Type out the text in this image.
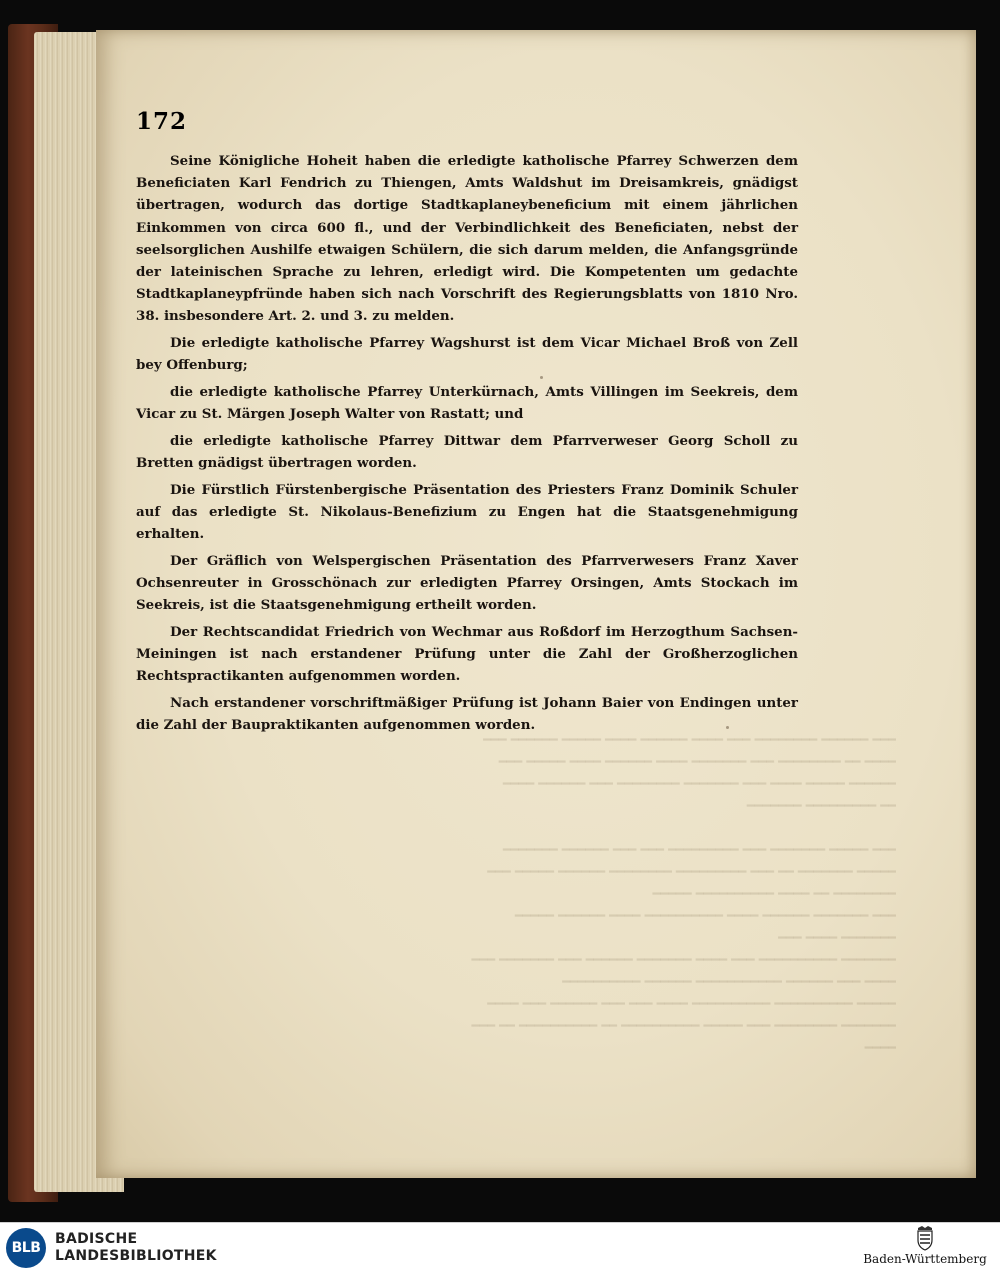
━━━ ━━━━━━ ━━━━━━━━ ━━━ ━━━━ ━━━━━━ ━━━━ ━━━━━ ━━━━━━ ━━━
━━━━ ━━ ━━━━━━━━ ━━━ ━━━━━━━ ━━━━ ━━━━━━ ━━━━ ━━━━━ ━━━
━━━━━━ ━━━━━ ━━━━ ━━━ ━━━━━━━ ━━━━━━━━ ━━━ ━━━━━━ ━━━━
━━ ━━━━━━━━━ ━━━━━━━

━━━ ━━━━━ ━━━━━━━ ━━━ ━━━━━━━━━ ━━━ ━━━ ━━━━━━ ━━━━━━━
━━━━━ ━━━━━━━ ━━ ━━━ ━━━━━━━━━ ━━━━━━━━ ━━━━━━ ━━━━━ ━━━
━━━━━━━━ ━━ ━━━━ ━━━━━━━━━━ ━━━━━
━━━ ━━━━━━━ ━━━━━━ ━━━━ ━━━━━━━━━━ ━━━━ ━━━━━━ ━━━━━
━━━━━━━ ━━━━ ━━━
━━━━━━━ ━━━━━━━━━━ ━━━ ━━━━ ━━━━━━━ ━━━━━━ ━━━ ━━━━━━━ ━━━
━━━━ ━━━ ━━━━━━ ━━━━━━━━━━━ ━━━━━━ ━━━━━━━━━━
━━━━━ ━━━━━━━━━━ ━━━━━━━━━━ ━━━━ ━━━ ━━━ ━━━━━━ ━━━ ━━━━
━━━━━━━ ━━━━━━━━ ━━━ ━━━━━ ━━━━━━━━━━ ━━ ━━━━━━━━━━ ━━ ━━━
━━━━
172

Seine Königliche Hoheit haben die erledigte katholische Pfarrey Schwerzen dem Beneficiaten Karl Fendrich zu Thiengen, Amts Waldshut im Dreisamkreis, gnädigst übertragen, wodurch das dortige Stadtkaplaneybeneficium mit einem jährlichen Einkommen von circa 600 fl., und der Verbindlichkeit des Beneficiaten, nebst der seelsorglichen Aushilfe etwaigen Schülern, die sich darum melden, die Anfangsgründe der lateinischen Sprache zu lehren, erledigt wird. Die Kompetenten um gedachte Stadtkaplaneypfründe haben sich nach Vorschrift des Regierungsblatts von 1810 Nro. 38. insbesondere Art. 2. und 3. zu melden.

Die erledigte katholische Pfarrey Wagshurst ist dem Vicar Michael Broß von Zell bey Offenburg;

die erledigte katholische Pfarrey Unterkürnach, Amts Villingen im Seekreis, dem Vicar zu St. Märgen Joseph Walter von Rastatt; und

die erledigte katholische Pfarrey Dittwar dem Pfarrverweser Georg Scholl zu Bretten gnädigst übertragen worden.

Die Fürstlich Fürstenbergische Präsentation des Priesters Franz Dominik Schuler auf das erledigte St. Nikolaus-Benefizium zu Engen hat die Staatsgenehmigung erhalten.

Der Gräflich von Welspergischen Präsentation des Pfarrverwesers Franz Xaver Ochsenreuter in Grosschönach zur erledigten Pfarrey Orsingen, Amts Stockach im Seekreis, ist die Staatsgenehmigung ertheilt worden.

Der Rechtscandidat Friedrich von Wechmar aus Roßdorf im Herzogthum Sachsen-Meiningen ist nach erstandener Prüfung unter die Zahl der Großherzoglichen Rechtspractikanten aufgenommen worden.

Nach erstandener vorschriftmäßiger Prüfung ist Johann Baier von Endingen unter die Zahl der Baupraktikanten aufgenommen worden.

BLB
BADISCHE
LANDESBIBLIOTHEK	Baden-Württemberg
